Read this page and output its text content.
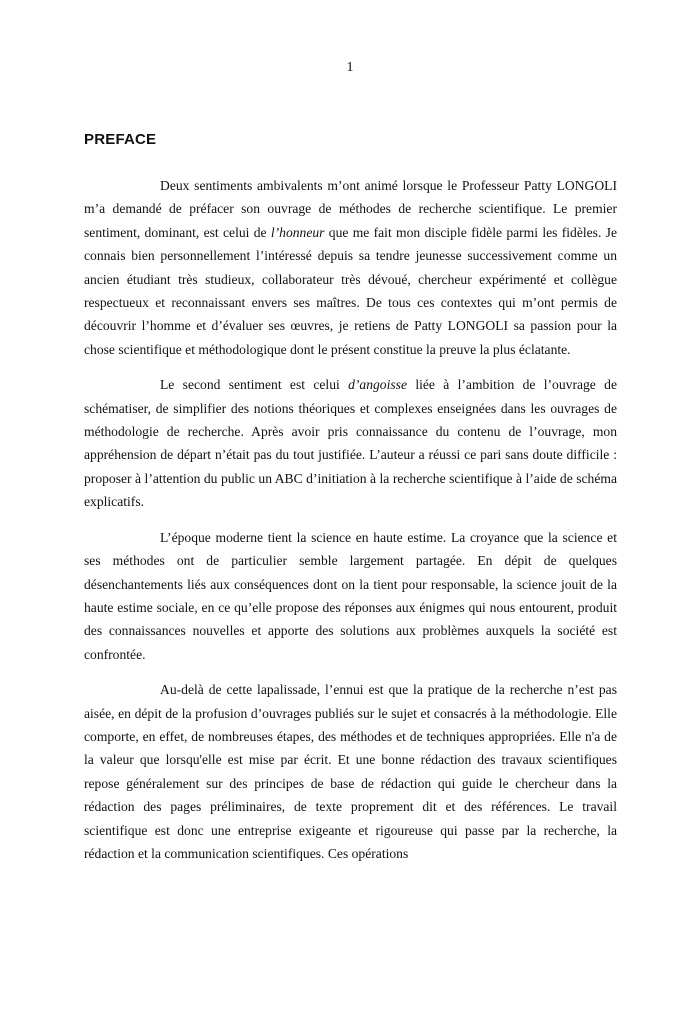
1
PREFACE

Deux sentiments ambivalents m’ont animé lorsque le Professeur Patty LONGOLI m’a demandé de préfacer son ouvrage de méthodes de recherche scientifique. Le premier sentiment, dominant, est celui de l’honneur que me fait mon disciple fidèle parmi les fidèles. Je connais bien personnellement l’intéressé depuis sa tendre jeunesse successivement comme un ancien étudiant très studieux, collaborateur très dévoué, chercheur expérimenté et collègue respectueux et reconnaissant envers ses maîtres. De tous ces contextes qui m’ont permis de découvrir l’homme et d’évaluer ses œuvres, je retiens de Patty LONGOLI sa passion pour la chose scientifique et méthodologique dont le présent constitue la preuve la plus éclatante.

Le second sentiment est celui d’angoisse liée à l’ambition de l’ouvrage de schématiser, de simplifier des notions théoriques et complexes enseignées dans les ouvrages de méthodologie de recherche. Après avoir pris connaissance du contenu de l’ouvrage, mon appréhension de départ n’était pas du tout justifiée. L’auteur a réussi ce pari sans doute difficile : proposer à l’attention du public un ABC d’initiation à la recherche scientifique à l’aide de schéma explicatifs.

L’époque moderne tient la science en haute estime. La croyance que la science et ses méthodes ont de particulier semble largement partagée. En dépit de quelques désenchantements liés aux conséquences dont on la tient pour responsable, la science jouit de la haute estime sociale, en ce qu’elle propose des réponses aux énigmes qui nous entourent, produit des connaissances nouvelles et apporte des solutions aux problèmes auxquels la société est confrontée.

Au-delà de cette lapalissade, l’ennui est que la pratique de la recherche n’est pas aisée, en dépit de la profusion d’ouvrages publiés sur le sujet et consacrés à la méthodologie. Elle comporte, en effet, de nombreuses étapes, des méthodes et de techniques appropriées. Elle n'a de la valeur que lorsqu'elle est mise par écrit. Et une bonne rédaction des travaux scientifiques repose généralement sur des principes de base de rédaction qui guide le chercheur dans la rédaction des pages préliminaires, de texte proprement dit et des références. Le travail scientifique est donc une entreprise exigeante et rigoureuse qui passe par la recherche, la rédaction et la communication scientifiques. Ces opérations
